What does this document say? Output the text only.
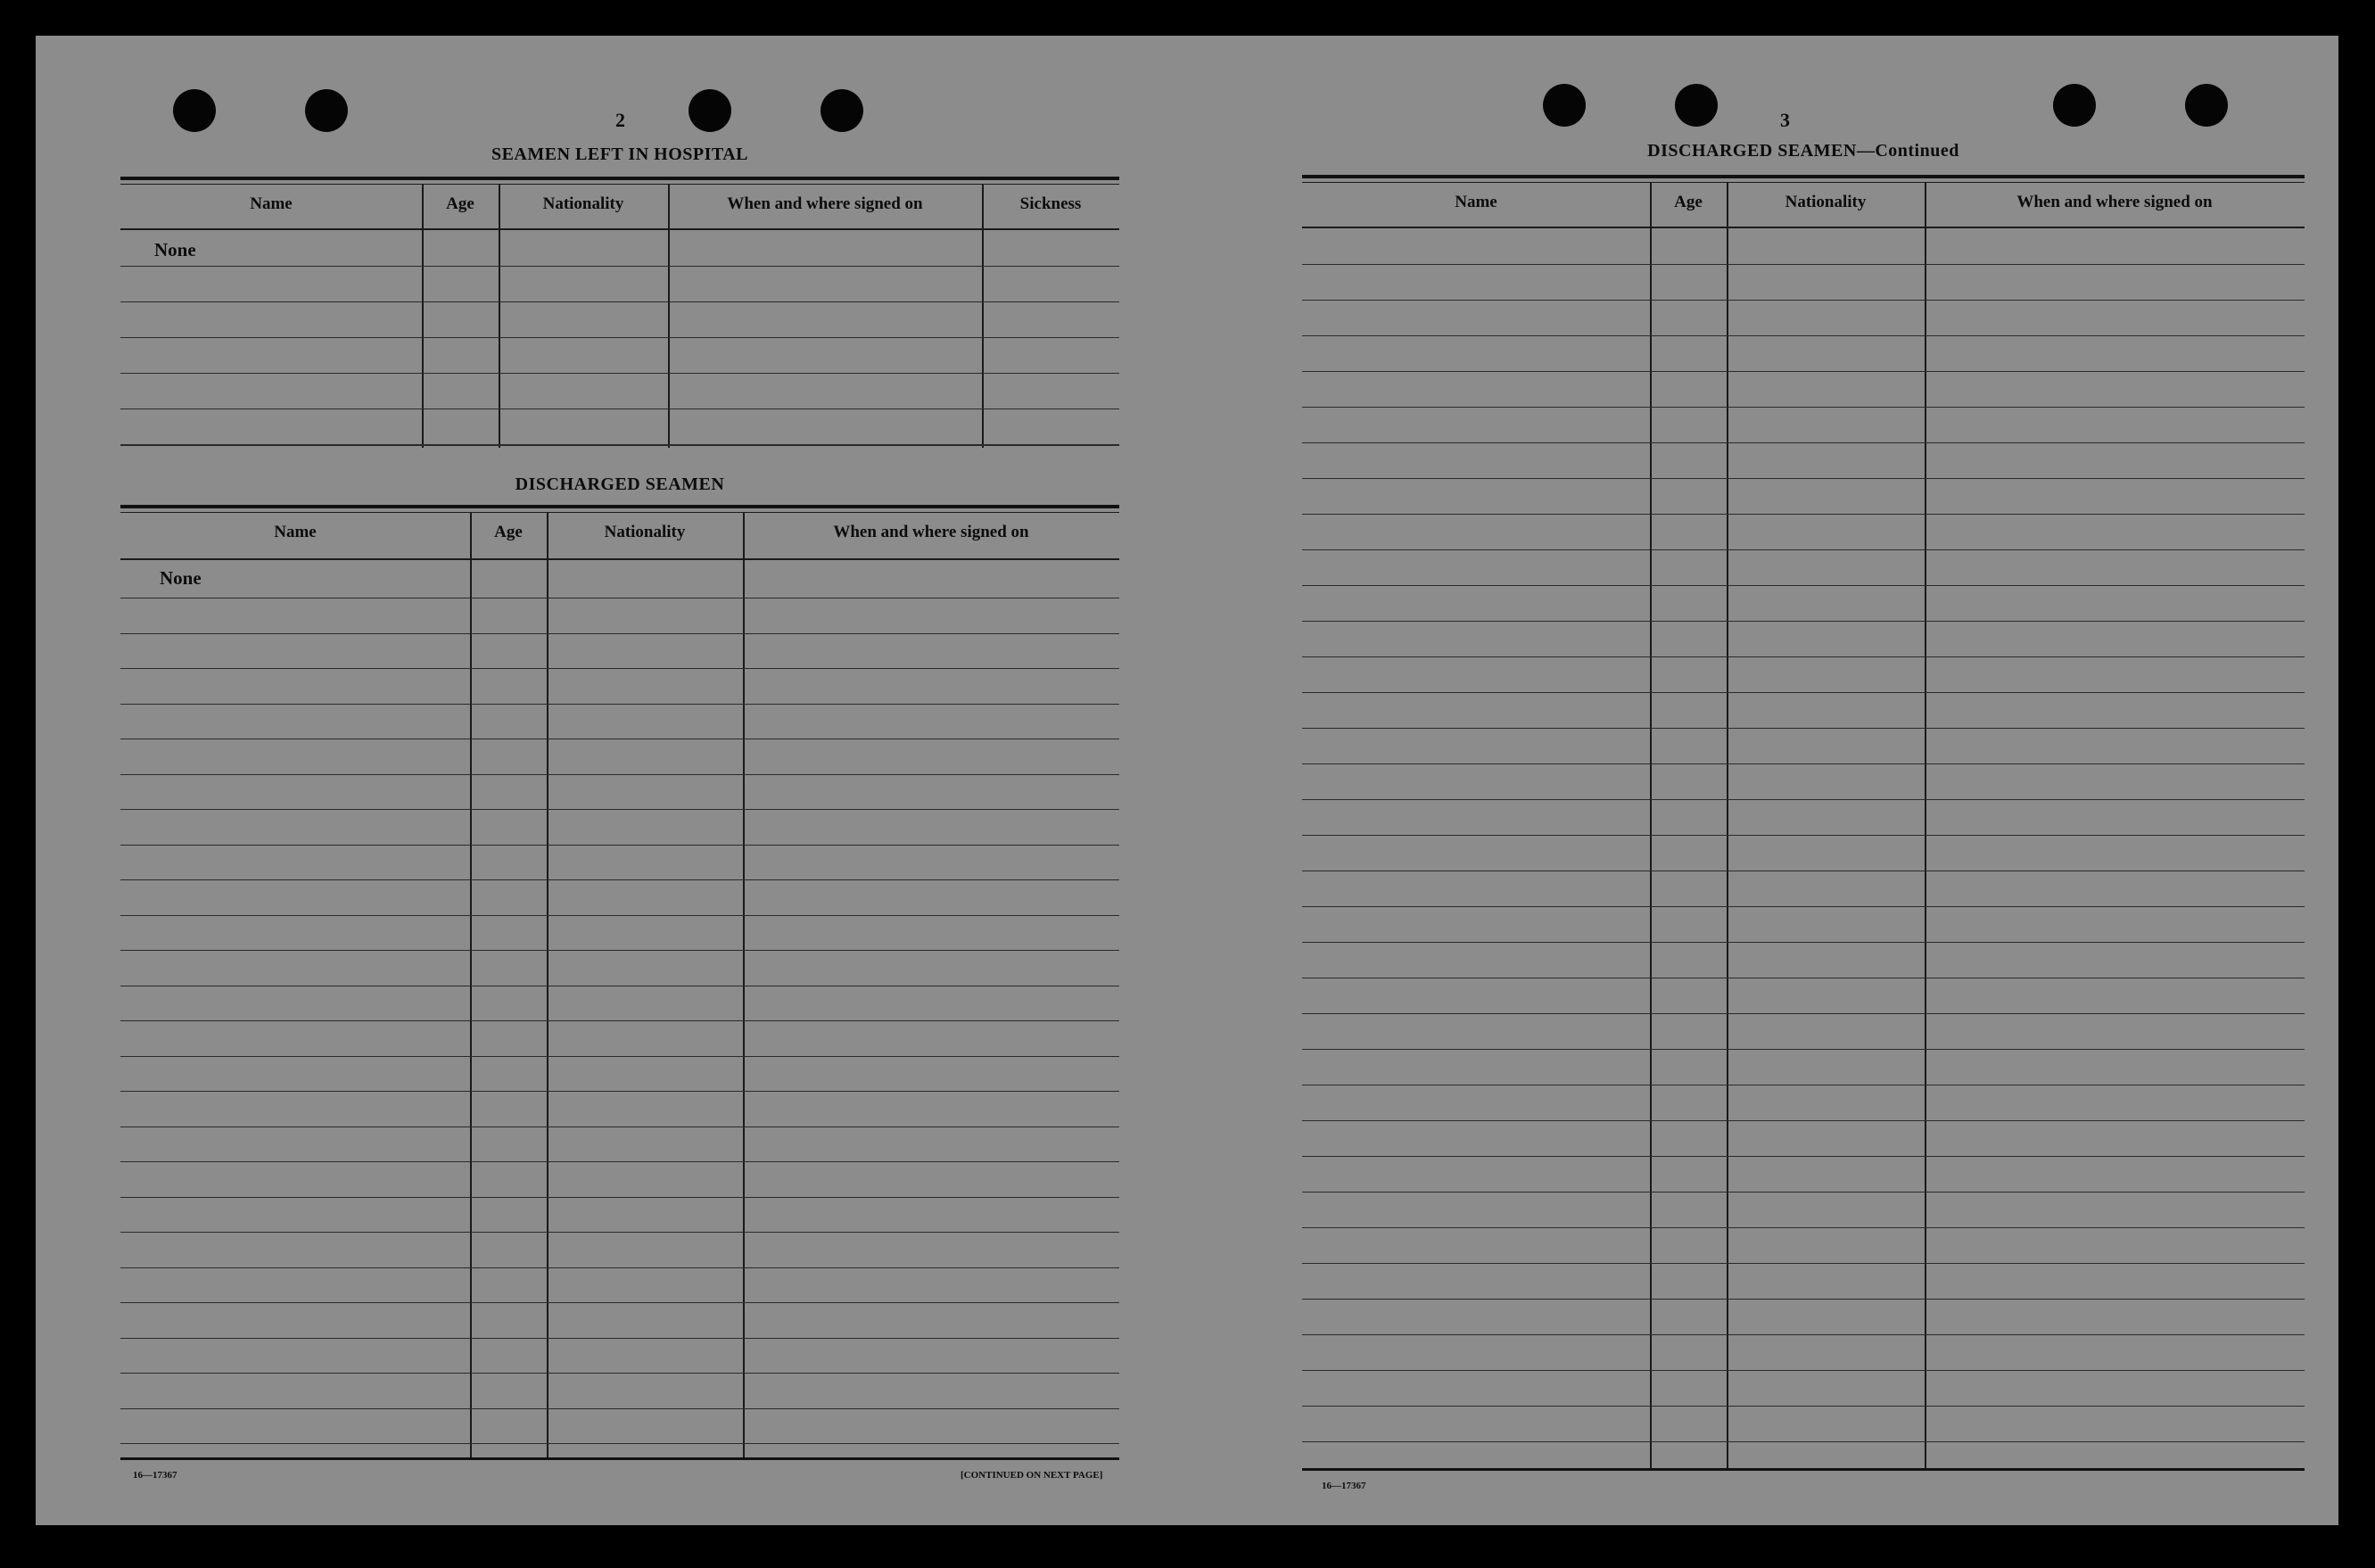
2
SEAMEN LEFT IN HOSPITAL
Name	Age	Nationality	When and where signed on	Sickness
None
DISCHARGED SEAMEN
Name	Age	Nationality	When and where signed on
None
16—17367	[CONTINUED ON NEXT PAGE]
3
DISCHARGED SEAMEN—Continued
Name	Age	Nationality	When and where signed on
16—17367
